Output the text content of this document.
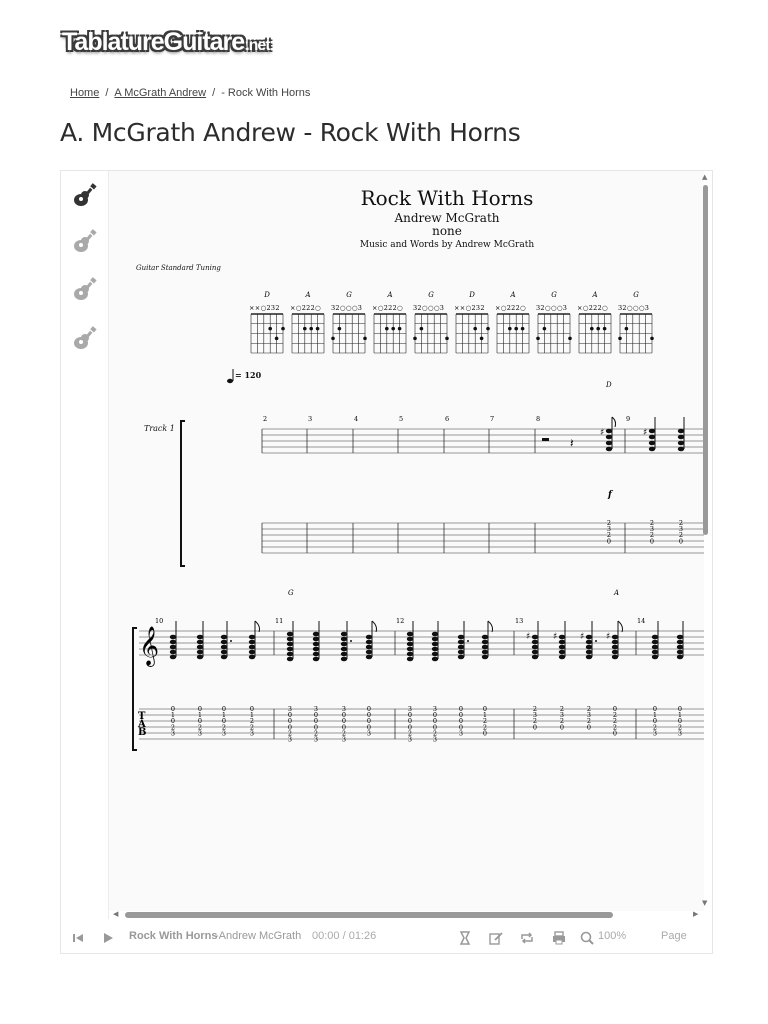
TablatureGuitare.net
Home / A McGrath Andrew / - Rock With Horns
A. McGrath Andrew - Rock With Horns
Rock With Horns
Andrew McGrath
none
Music and Words by Andrew McGrath
Guitar Standard Tuning
D
××○232
A
×○222○
G
32○○○3
A
×○222○
G
32○○○3
D
××○232
A
×○222○
G
32○○○3
A
×○222○
G
32○○○3
= 120
Track 1
2	3	4	5	6	7	8	9
𝄽
D
f
♯
2
3
2
0
♯
2
3
2
0
2
3
2
0
𝄞
T
A
B
10	11	12	13	14
G	A
0
1
0
2
3
0
1
0
2
3
0
1
0
2
3
0
1
2
2
3
3
0
0
0
2
3
3
0
0
0
2
3
3
0
0
0
2
3
0
0
0
0
3
3
0
0
0
2
3
3
0
0
0
2
3
0
0
0
0
3
0
1
2
2
0
♯
2
3
2
0
♯
2
3
2
0
♯
2
3
2
0
♯
0
2
2
2
0
0
1
0
2
3
0
1
0
2
3
▲
▼
◀	▶
Rock With Horns
-Andrew McGrath 00:00 / 01:26	100%	Page
